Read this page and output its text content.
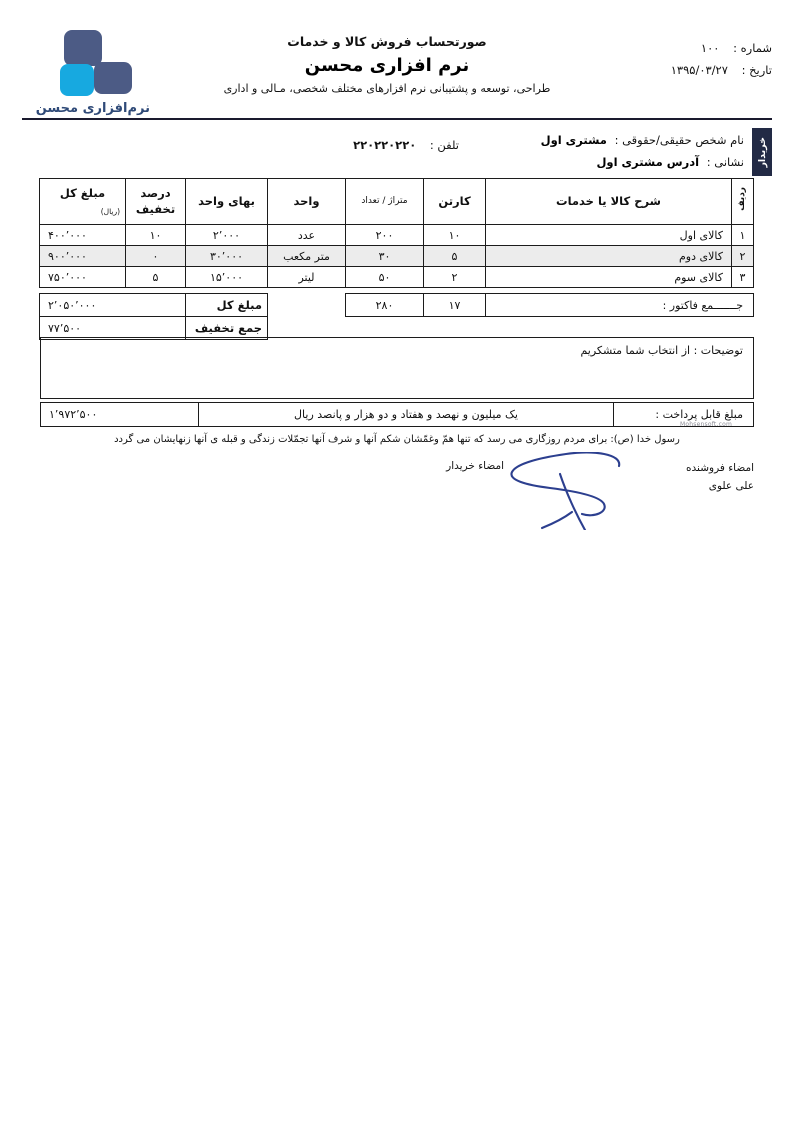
نرم‌افزاری محسن
صورتحساب فروش کالا و خدمات
نرم افزاری محسن
طراحی، توسعه و پشتیبانی نرم افزارهای مختلف شخصی، مـالی و اداری
شماره : ۱۰۰
تاریخ : ۱۳۹۵/۰۳/۲۷
خریدار
نام شخص حقیقی/حقوقی : مشتری اول
تلفن : ۲۲۰۲۲۰۲۲۰
نشانی : آدرس مشتری اول
ردیف	شرح کالا یا خدمات	کارتن	متراژ / تعداد	واحد	بهای واحد	درصد
تخفیف	مبلغ کل
(ریال)

۱	کالای اول	۱۰	۲۰۰	عدد	۲٬۰۰۰	۱۰	۴۰۰٬۰۰۰
۲	کالای دوم	۵	۳۰	متر مکعب	۳۰٬۰۰۰	۰	۹۰۰٬۰۰۰
۳	کالای سوم	۲	۵۰	لیتر	۱۵٬۰۰۰	۵	۷۵۰٬۰۰۰
جـــــــمع فاکتور :	۱۷	۲۸۰		مبلغ کل	۲٬۰۵۰٬۰۰۰
				جمع تخفیف	۷۷٬۵۰۰
توضیحات : از انتخاب شما متشکریم
مبلغ قابل پرداخت :	یک میلیون و نهصد و هفتاد و دو هزار و پانصد ریال	۱٬۹۷۲٬۵۰۰
Mohsensoft.com
رسول خدا (ص): برای مردم روزگاری می رسد که تنها همّ وغمّشان شکم آنها و شرف آنها تجمّلات زندگی و قبله ی آنها زنهایشان می گردد
امضاء فروشنده
علی علوی
امضاء خریدار
